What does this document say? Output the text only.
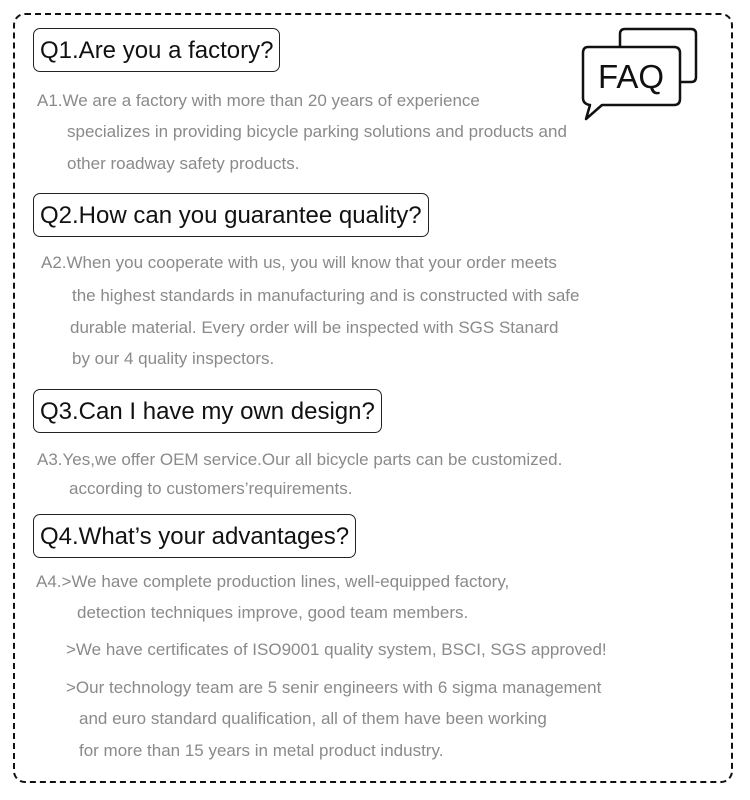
FAQ
Q1.Are you a factory?

A1.We are a factory with more than 20 years of experience

specializes in providing bicycle parking solutions and products and

other roadway safety products.

Q2.How can you guarantee quality?

A2.When you cooperate with us, you will know that your order meets

the highest standards in manufacturing and is constructed with safe

durable material. Every order will be inspected with SGS Stanard

by our 4 quality inspectors.

Q3.Can I have my own design?

A3.Yes,we offer OEM service.Our all bicycle parts can be customized.

according to customers’requirements.

Q4.What’s your advantages?

A4.>We have complete production lines, well-equipped factory,

detection techniques improve, good team members.

>We have certificates of ISO9001 quality system, BSCI, SGS approved!

>Our technology team are 5 senir engineers with 6 sigma management

and euro standard qualification, all of them have been working

for more than 15 years in metal product industry.
